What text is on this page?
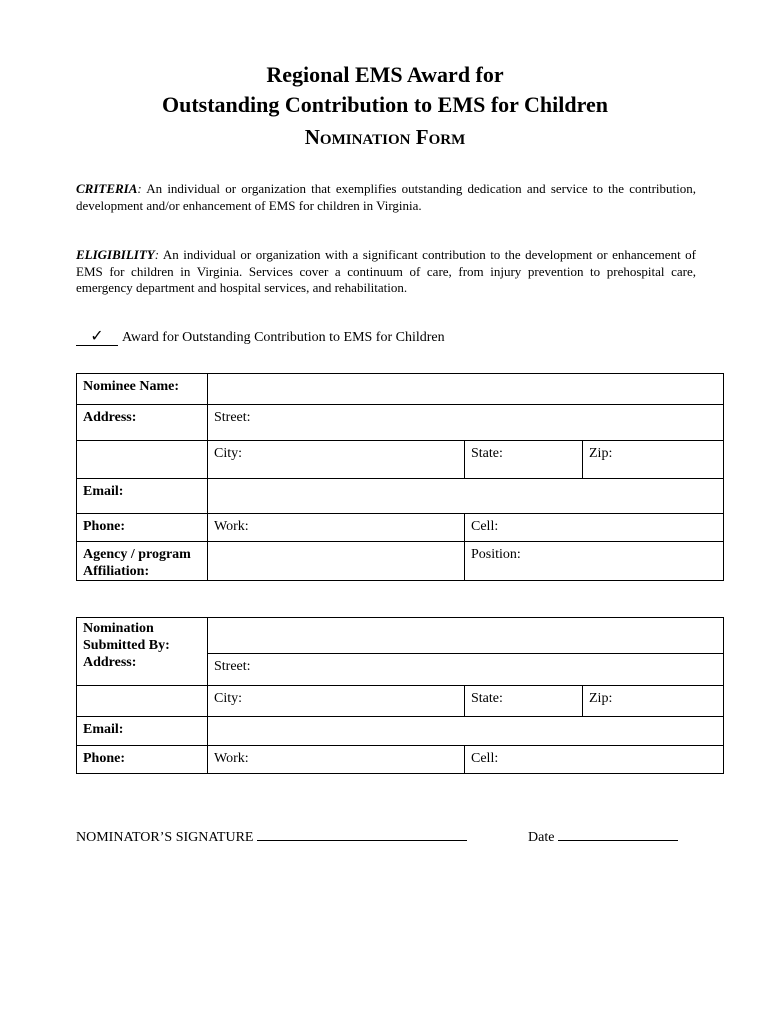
Regional EMS Award for
Outstanding Contribution to EMS for Children
Nomination Form
CRITERIA: An individual or organization that exemplifies outstanding dedication and service to the contribution, development and/or enhancement of EMS for children in Virginia.
ELIGIBILITY: An individual or organization with a significant contribution to the development or enhancement of EMS for children in Virginia. Services cover a continuum of care, from injury prevention to prehospital care, emergency department and hospital services, and rehabilitation.
✓ Award for Outstanding Contribution to EMS for Children
Nominee Name:			
Address:	Street:		
	City:	State:	Zip:
Email:			
Phone:	Work:	Cell:	
Agency / program
Affiliation:		Position:	
Nomination
Submitted By:
Address:			
	Street:		
	City:	State:	Zip:
Email:			
Phone:	Work:	Cell:	
NOMINATOR’S SIGNATURE	Date
